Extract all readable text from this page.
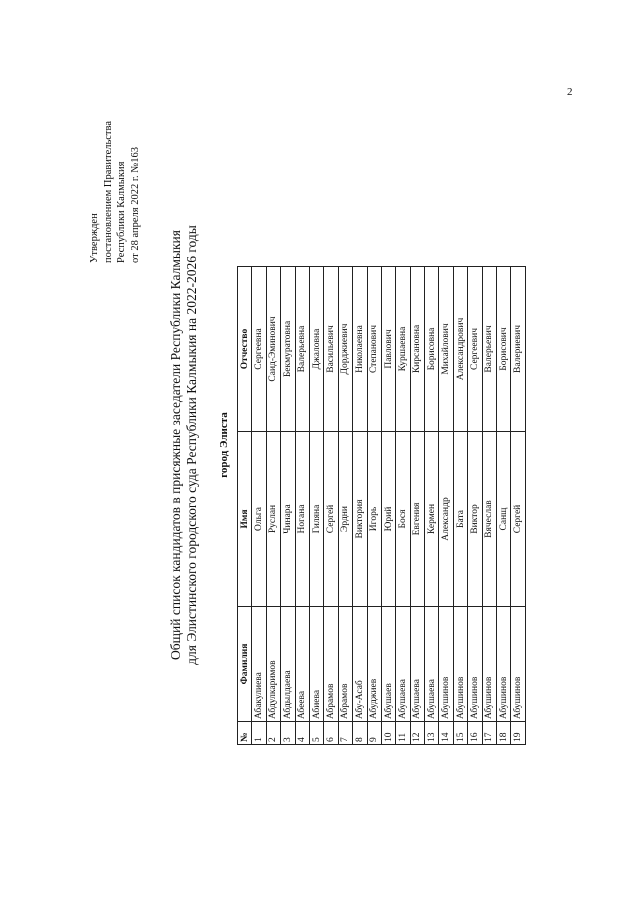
2
Утвержден постановлением Правительства Республики Калмыкия от 28 апреля 2022 г. №163
Общий список кандидатов в присяжные заседатели Республики Калмыкия для Элистинского городского суда Республики Калмыкия на 2022-2026 годы город Элиста
№	Фамилия	Имя	Отчество
1	Абакулиева	Ольга	Сергеевна
2	Абдулкаримов	Руслан	Саид-Эминович
3	Абдылдаева	Чинара	Бекмуратовна
4	Абеева	Ногана	Валерьевна
5	Абиева	Гиляна	Джаловна
6	Абрамов	Сергей	Васильевич
7	Абрамов	Эрдни	Дорджиевич
8	Абу-Асаб	Виктория	Николаевна
9	Абуджиев	Игорь	Степанович
10	Абушаев	Юрий	Павлович
11	Абушаева	Бося	Куршаевна
12	Абушаева	Евгения	Кирсановна
13	Абушаева	Кермен	Борисовна
14	Абушинов	Александр	Михайлович
15	Абушинов	Бата	Александрович
16	Абушинов	Виктор	Сергеевич
17	Абушинов	Вячеслав	Валерьевич
18	Абушинов	Санщ	Борисович
19	Абушинов	Сергей	Валериевич
